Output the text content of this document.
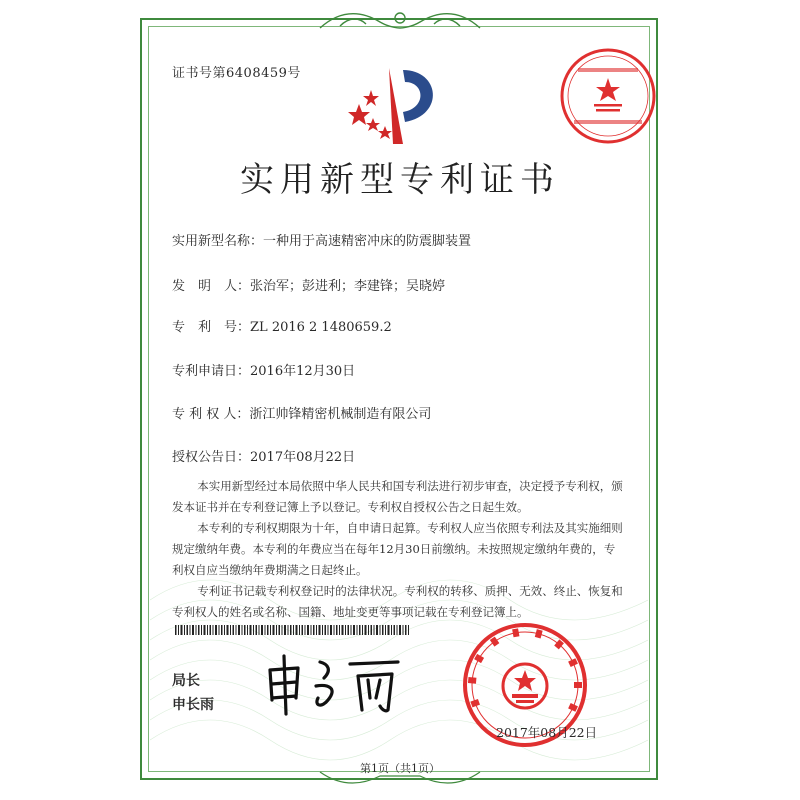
证书号第6408459号
实用新型专利证书
实用新型名称：一种用于高速精密冲床的防震脚装置
发　明　人：张治军；彭进利；李建锋；吴晓婷
专　利　号：ZL 2016 2 1480659.2
专利申请日：2016年12月30日
专 利 权 人：浙江帅锋精密机械制造有限公司
授权公告日：2017年08月22日

本实用新型经过本局依照中华人民共和国专利法进行初步审查，决定授予专利权，颁发本证书并在专利登记簿上予以登记。专利权自授权公告之日起生效。

本专利的专利权期限为十年，自申请日起算。专利权人应当依照专利法及其实施细则规定缴纳年费。本专利的年费应当在每年12月30日前缴纳。未按照规定缴纳年费的，专利权自应当缴纳年费期满之日起终止。

专利证书记载专利权登记时的法律状况。专利权的转移、质押、无效、终止、恢复和专利权人的姓名或名称、国籍、地址变更等事项记载在专利登记簿上。

局长
申长雨
2017年08月22日
第1页（共1页）
